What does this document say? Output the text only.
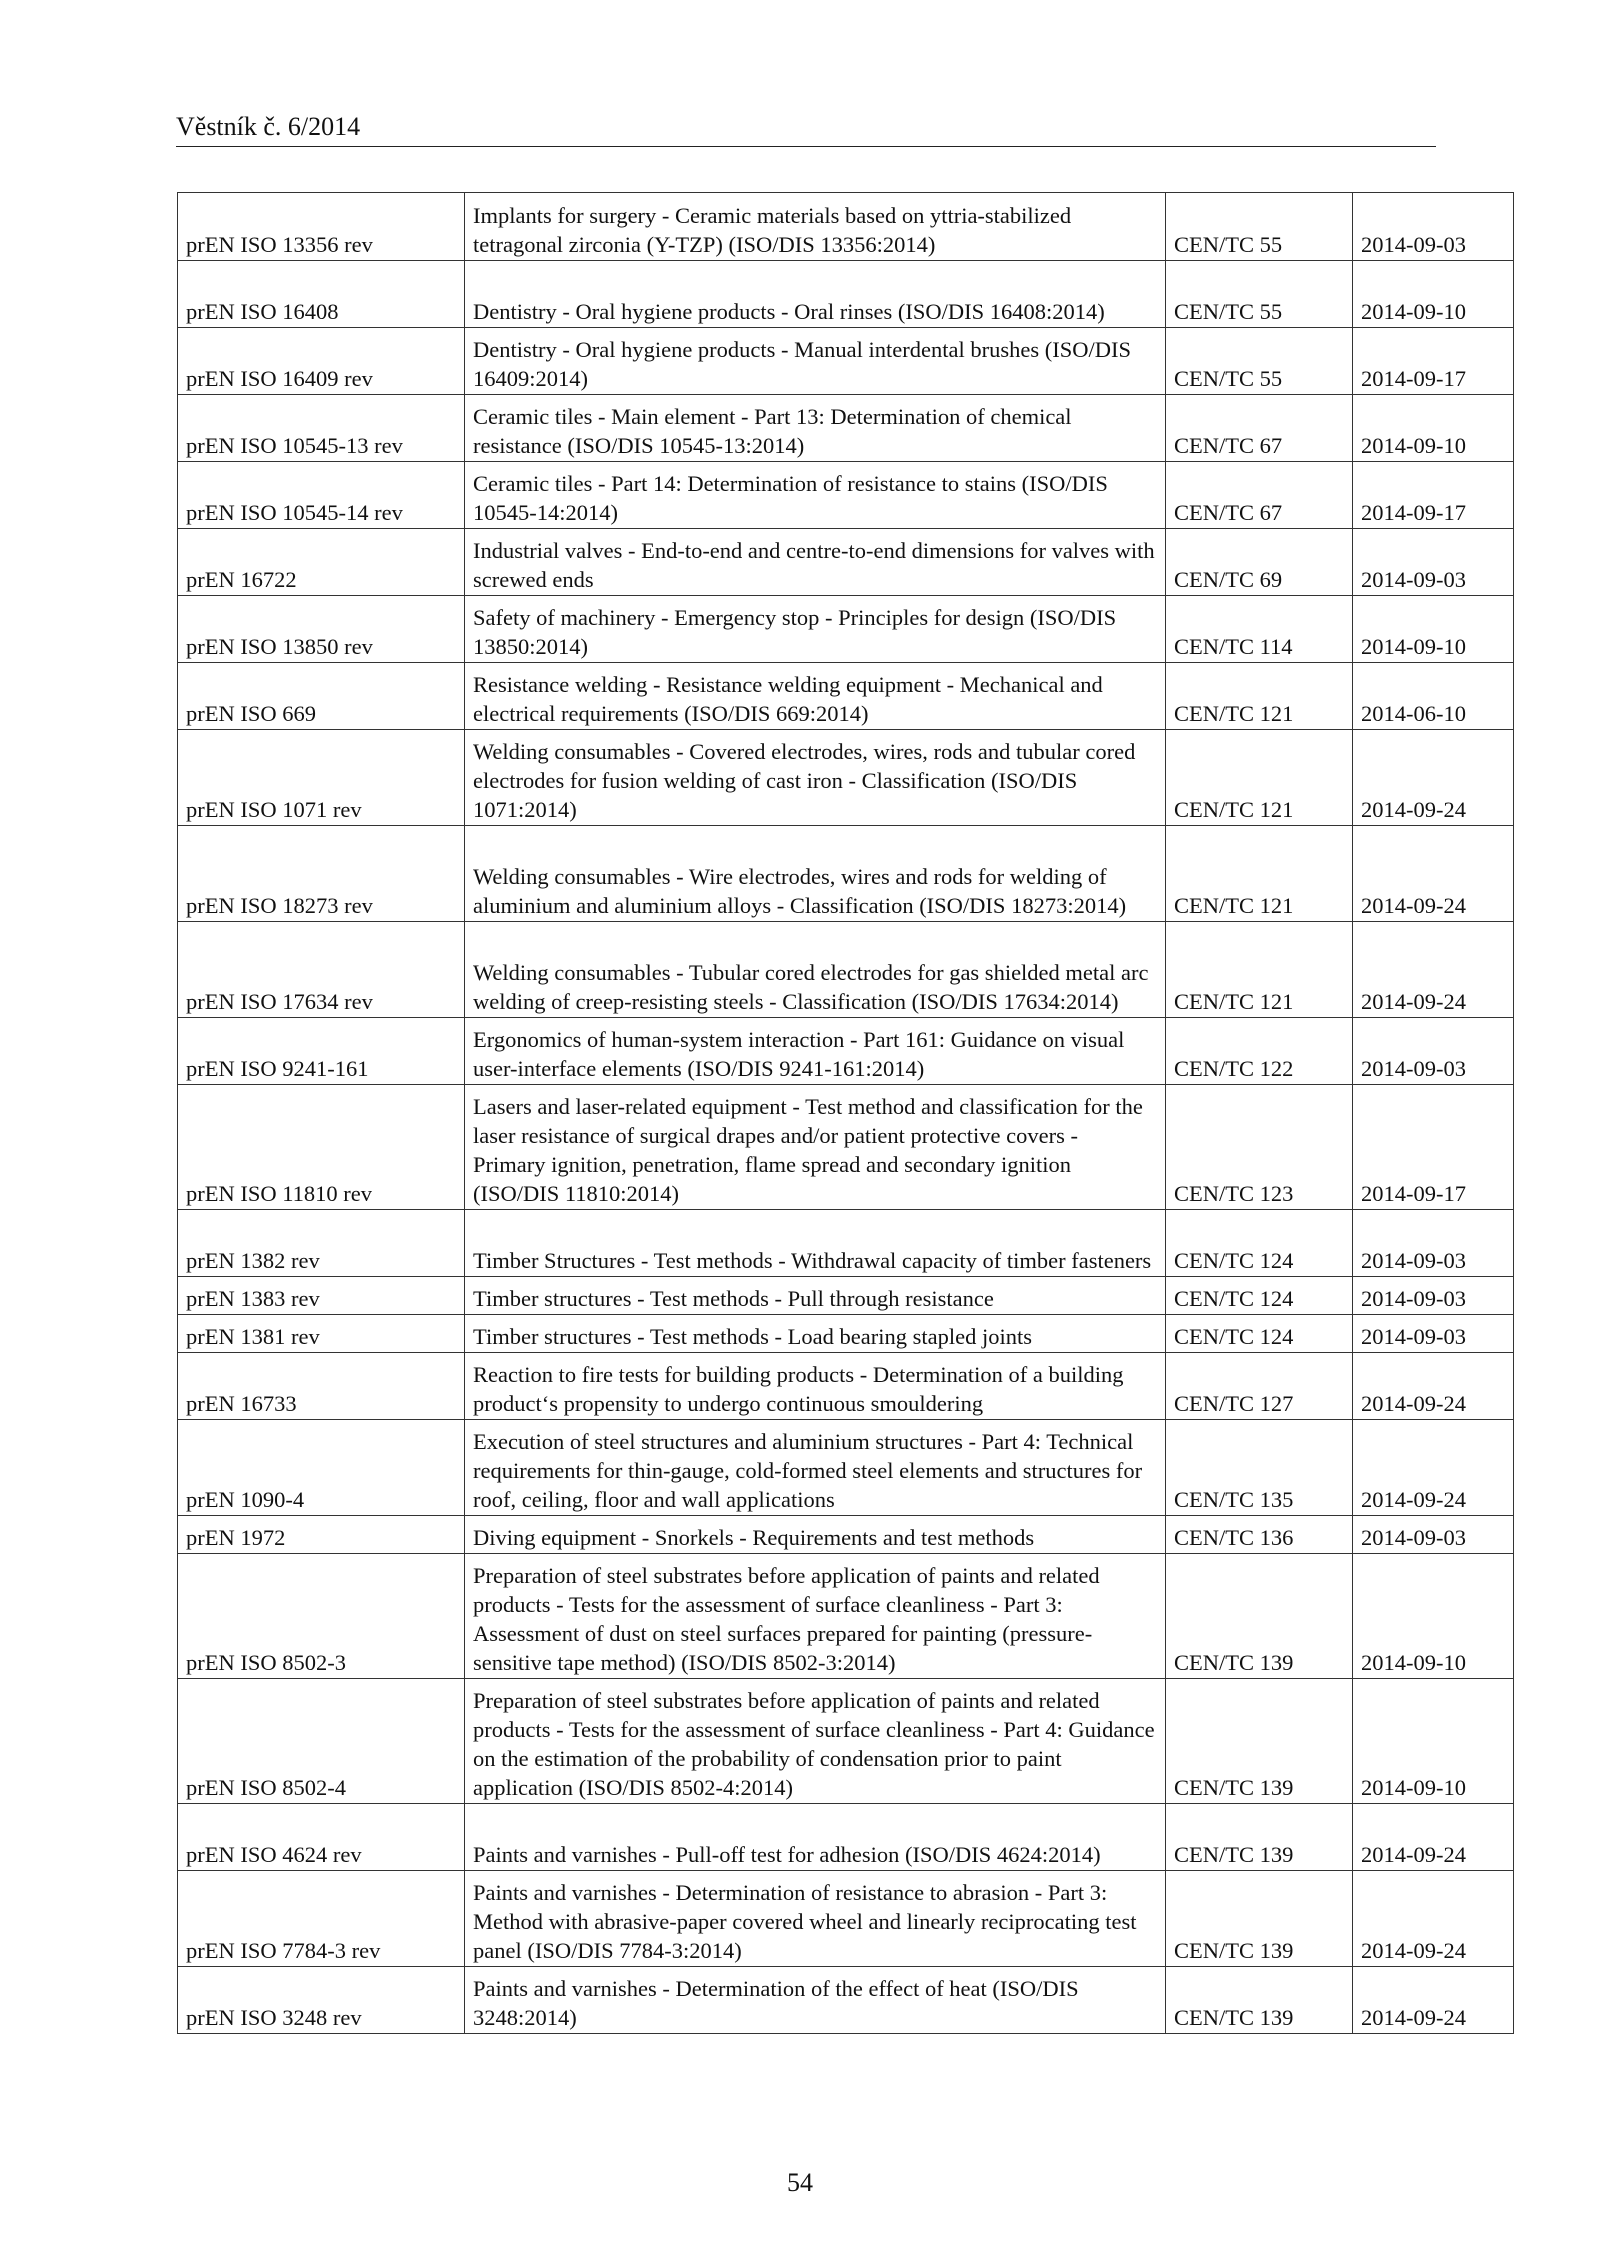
Věstník č. 6/2014
prEN ISO 13356 rev	Implants for surgery - Ceramic materials based on yttria-stabilized tetragonal zirconia (Y-TZP) (ISO/DIS 13356:2014)	CEN/TC 55	2014-09-03
prEN ISO 16408	Dentistry - Oral hygiene products - Oral rinses (ISO/DIS 16408:2014)	CEN/TC 55	2014-09-10
prEN ISO 16409 rev	Dentistry - Oral hygiene products - Manual interdental brushes (ISO/DIS 16409:2014)	CEN/TC 55	2014-09-17
prEN ISO 10545-13 rev	Ceramic tiles - Main element - Part 13: Determination of chemical resistance (ISO/DIS 10545-13:2014)	CEN/TC 67	2014-09-10
prEN ISO 10545-14 rev	Ceramic tiles - Part 14: Determination of resistance to stains (ISO/DIS 10545-14:2014)	CEN/TC 67	2014-09-17
prEN 16722	Industrial valves - End-to-end and centre-to-end dimensions for valves with screwed ends	CEN/TC 69	2014-09-03
prEN ISO 13850 rev	Safety of machinery - Emergency stop - Principles for design (ISO/DIS 13850:2014)	CEN/TC 114	2014-09-10
prEN ISO 669	Resistance welding - Resistance welding equipment - Mechanical and electrical requirements (ISO/DIS 669:2014)	CEN/TC 121	2014-06-10
prEN ISO 1071 rev	Welding consumables - Covered electrodes, wires, rods and tubular cored electrodes for fusion welding of cast iron - Classification (ISO/DIS 1071:2014)	CEN/TC 121	2014-09-24
prEN ISO 18273 rev	Welding consumables - Wire electrodes, wires and rods for welding of aluminium and aluminium alloys - Classification (ISO/DIS 18273:2014)	CEN/TC 121	2014-09-24
prEN ISO 17634 rev	Welding consumables - Tubular cored electrodes for gas shielded metal arc welding of creep-resisting steels - Classification (ISO/DIS 17634:2014)	CEN/TC 121	2014-09-24
prEN ISO 9241-161	Ergonomics of human-system interaction - Part 161: Guidance on visual user-interface elements (ISO/DIS 9241-161:2014)	CEN/TC 122	2014-09-03
prEN ISO 11810 rev	Lasers and laser-related equipment - Test method and classification for the laser resistance of surgical drapes and/or patient protective covers - Primary ignition, penetration, flame spread and secondary ignition (ISO/DIS 11810:2014)	CEN/TC 123	2014-09-17
prEN 1382 rev	Timber Structures - Test methods - Withdrawal capacity of timber fasteners	CEN/TC 124	2014-09-03
prEN 1383 rev	Timber structures - Test methods - Pull through resistance	CEN/TC 124	2014-09-03
prEN 1381 rev	Timber structures - Test methods - Load bearing stapled joints	CEN/TC 124	2014-09-03
prEN 16733	Reaction to fire tests for building products - Determination of a building product‘s propensity to undergo continuous smouldering	CEN/TC 127	2014-09-24
prEN 1090-4	Execution of steel structures and aluminium structures - Part 4: Technical requirements for thin-gauge, cold-formed steel elements and structures for roof, ceiling, floor and wall applications	CEN/TC 135	2014-09-24
prEN 1972	Diving equipment - Snorkels - Requirements and test methods	CEN/TC 136	2014-09-03
prEN ISO 8502-3	Preparation of steel substrates before application of paints and related products - Tests for the assessment of surface cleanliness - Part 3: Assessment of dust on steel surfaces prepared for painting (pressure-sensitive tape method) (ISO/DIS 8502-3:2014)	CEN/TC 139	2014-09-10
prEN ISO 8502-4	Preparation of steel substrates before application of paints and related products - Tests for the assessment of surface cleanliness - Part 4: Guidance on the estimation of the probability of condensation prior to paint application (ISO/DIS 8502-4:2014)	CEN/TC 139	2014-09-10
prEN ISO 4624 rev	Paints and varnishes - Pull-off test for adhesion (ISO/DIS 4624:2014)	CEN/TC 139	2014-09-24
prEN ISO 7784-3 rev	Paints and varnishes - Determination of resistance to abrasion - Part 3: Method with abrasive-paper covered wheel and linearly reciprocating test panel (ISO/DIS 7784-3:2014)	CEN/TC 139	2014-09-24
prEN ISO 3248 rev	Paints and varnishes - Determination of the effect of heat (ISO/DIS 3248:2014)	CEN/TC 139	2014-09-24
54
